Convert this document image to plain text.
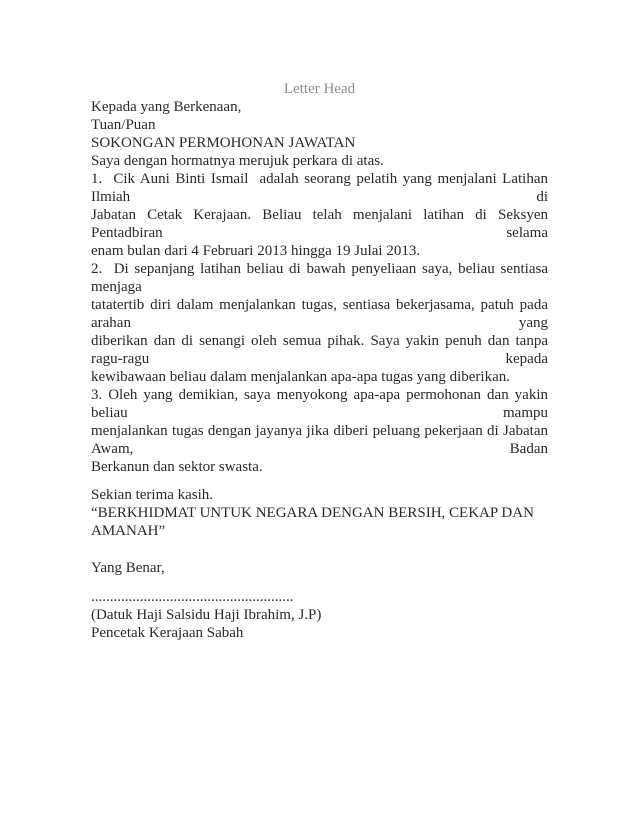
Letter Head
Kepada yang Berkenaan,
Tuan/Puan
SOKONGAN PERMOHONAN JAWATAN
Saya dengan hormatnya merujuk perkara di atas.
1.  Cik Auni Binti Ismail  adalah seorang pelatih yang menjalani Latihan Ilmiah di
Jabatan Cetak Kerajaan. Beliau telah menjalani latihan di Seksyen Pentadbiran selama
enam bulan dari 4 Februari 2013 hingga 19 Julai 2013.
2.  Di sepanjang latihan beliau di bawah penyeliaan saya, beliau sentiasa menjaga
tatatertib diri dalam menjalankan tugas, sentiasa bekerjasama, patuh pada arahan yang
diberikan dan di senangi oleh semua pihak. Saya yakin penuh dan tanpa ragu-ragu kepada
kewibawaan beliau dalam menjalankan apa-apa tugas yang diberikan.
3. Oleh yang demikian, saya menyokong apa-apa permohonan dan yakin beliau mampu
menjalankan tugas dengan jayanya jika diberi peluang pekerjaan di Jabatan Awam, Badan
Berkanun dan sektor swasta.
Sekian terima kasih.
“BERKHIDMAT UNTUK NEGARA DENGAN BERSIH, CEKAP DAN AMANAH”
Yang Benar,
......................................................
(Datuk Haji Salsidu Haji Ibrahim, J.P)
Pencetak Kerajaan Sabah
